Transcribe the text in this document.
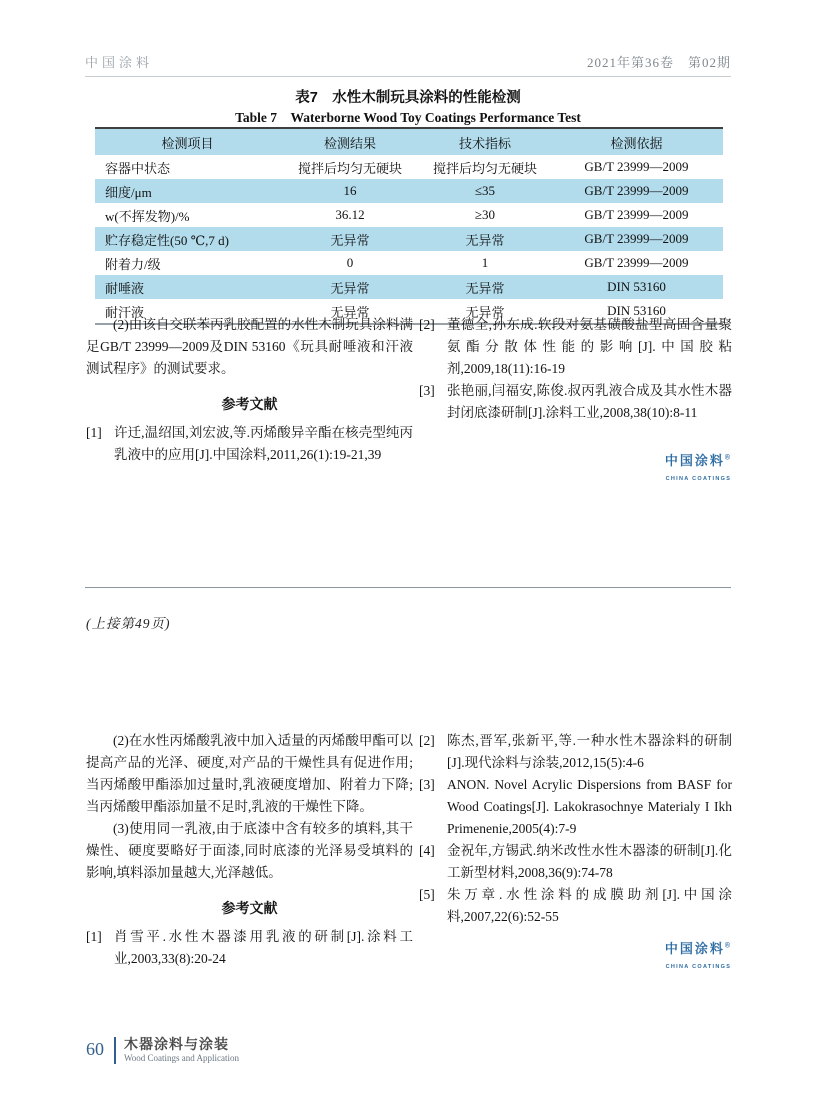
中国涂料	2021年第36卷　第02期
表7　水性木制玩具涂料的性能检测
Table 7　Waterborne Wood Toy Coatings Performance Test
检测项目	检测结果	技术指标	检测依据
容器中状态	搅拌后均匀无硬块	搅拌后均匀无硬块	GB/T 23999—2009
细度/μm	16	≤35	GB/T 23999—2009
w(不挥发物)/%	36.12	≥30	GB/T 23999—2009
贮存稳定性(50 ℃,7 d)	无异常	无异常	GB/T 23999—2009
附着力/级	0	1	GB/T 23999—2009
耐唾液	无异常	无异常	DIN 53160
耐汗液	无异常	无异常	DIN 53160
(2)由该自交联苯丙乳胶配置的水性木制玩具涂料满足GB/T 23999—2009及DIN 53160《玩具耐唾液和汗液测试程序》的测试要求。
参考文献
[1] 许迁,温绍国,刘宏波,等.丙烯酸异辛酯在核壳型纯丙乳液中的应用[J].中国涂料,2011,26(1):19-21,39
[2] 董德全,孙东成.软段对氨基磺酸盐型高固含量聚氨酯分散体性能的影响[J].中国胶粘剂,2009,18(11):16-19
[3] 张艳丽,闫福安,陈俊.叔丙乳液合成及其水性木器封闭底漆研制[J].涂料工业,2008,38(10):8-11
中国涂料®
CHINA COATINGS
(上接第49页)
(2)在水性丙烯酸乳液中加入适量的丙烯酸甲酯可以提高产品的光泽、硬度,对产品的干燥性具有促进作用;当丙烯酸甲酯添加过量时,乳液硬度增加、附着力下降;当丙烯酸甲酯添加量不足时,乳液的干燥性下降。
(3)使用同一乳液,由于底漆中含有较多的填料,其干燥性、硬度要略好于面漆,同时底漆的光泽易受填料的影响,填料添加量越大,光泽越低。
参考文献
[1] 肖雪平.水性木器漆用乳液的研制[J].涂料工业,2003,33(8):20-24
[2] 陈杰,晋军,张新平,等.一种水性木器涂料的研制[J].现代涂料与涂装,2012,15(5):4-6
[3] ANON. Novel Acrylic Dispersions from BASF for Wood Coatings[J]. Lakokrasochnye Materialy I Ikh Primenenie,2005(4):7-9
[4] 金祝年,方锡武.纳米改性水性木器漆的研制[J].化工新型材料,2008,36(9):74-78
[5] 朱万章.水性涂料的成膜助剂[J].中国涂料,2007,22(6):52-55
中国涂料®
CHINA COATINGS
60 木器涂料与涂装
Wood Coatings and Application
